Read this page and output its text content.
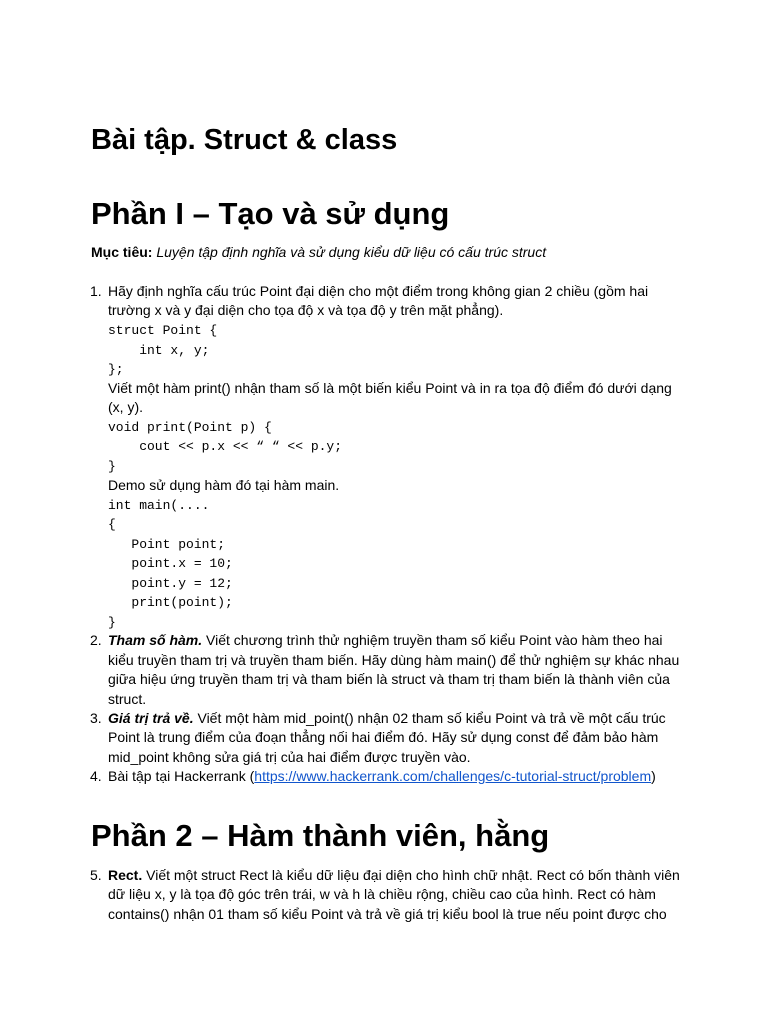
Bài tập. Struct & class
Phần I – Tạo và sử dụng
Mục tiêu: Luyện tập định nghĩa và sử dụng kiểu dữ liệu có cấu trúc struct
1. Hãy định nghĩa cấu trúc Point đại diện cho một điểm trong không gian 2 chiều (gồm hai
trường x và y đại diện cho tọa độ x và tọa độ y trên mặt phẳng).
struct Point {
int x, y;
};
Viết một hàm print() nhận tham số là một biến kiểu Point và in ra tọa độ điểm đó dưới dạng
(x, y).
void print(Point p) {
cout << p.x << “ “ << p.y;
}
Demo sử dụng hàm đó tại hàm main.
int main(....
{
Point point;
point.x = 10;
point.y = 12;
print(point);
}
2. Tham số hàm. Viết chương trình thử nghiệm truyền tham số kiểu Point vào hàm theo hai
kiểu truyền tham trị và truyền tham biến. Hãy dùng hàm main() để thử nghiệm sự khác nhau
giữa hiệu ứng truyền tham trị và tham biến là struct và tham trị tham biến là thành viên của
struct.
3. Giá trị trả về. Viết một hàm mid_point() nhận 02 tham số kiểu Point và trả về một cấu trúc
Point là trung điểm của đoạn thẳng nối hai điểm đó. Hãy sử dụng const để đảm bảo hàm
mid_point không sửa giá trị của hai điểm được truyền vào.
4. Bài tập tại Hackerrank (https://www.hackerrank.com/challenges/c-tutorial-struct/problem)
Phần 2 – Hàm thành viên, hằng
5. Rect. Viết một struct Rect là kiểu dữ liệu đại diện cho hình chữ nhật. Rect có bốn thành viên
dữ liệu x, y là tọa độ góc trên trái, w và h là chiều rộng, chiều cao của hình. Rect có hàm
contains() nhận 01 tham số kiểu Point và trả về giá trị kiểu bool là true nếu point được cho
